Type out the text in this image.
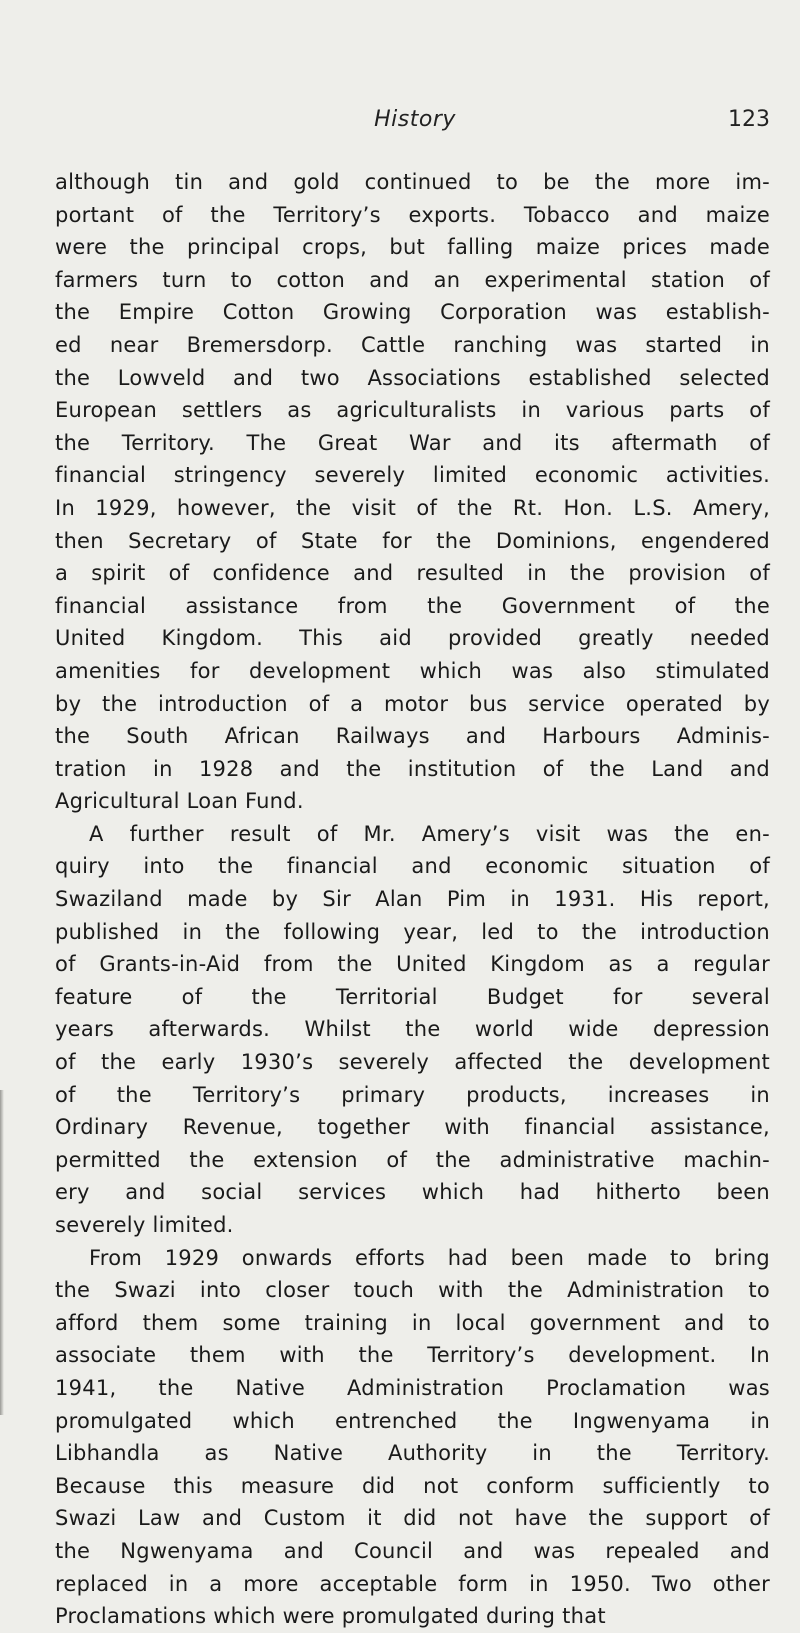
History	123
although tin and gold continued to be the more im-
portant of the Territory’s exports. Tobacco and maize
were the principal crops, but falling maize prices made
farmers turn to cotton and an experimental station of
the Empire Cotton Growing Corporation was establish-
ed near Bremersdorp. Cattle ranching was started in
the Lowveld and two Associations established selected
European settlers as agriculturalists in various parts of
the Territory. The Great War and its aftermath of
financial stringency severely limited economic activities.
In 1929, however, the visit of the Rt. Hon. L.S. Amery,
then Secretary of State for the Dominions, engendered
a spirit of confidence and resulted in the provision of
financial assistance from the Government of the
United Kingdom. This aid provided greatly needed
amenities for development which was also stimulated
by the introduction of a motor bus service operated by
the South African Railways and Harbours Adminis-
tration in 1928 and the institution of the Land and
Agricultural Loan Fund.
A further result of Mr. Amery’s visit was the en-
quiry into the financial and economic situation of
Swaziland made by Sir Alan Pim in 1931. His report,
published in the following year, led to the introduction
of Grants-in-Aid from the United Kingdom as a regular
feature of the Territorial Budget for several
years afterwards. Whilst the world wide depression
of the early 1930’s severely affected the development
of the Territory’s primary products, increases in
Ordinary Revenue, together with financial assistance,
permitted the extension of the administrative machin-
ery and social services which had hitherto been
severely limited.
From 1929 onwards efforts had been made to bring
the Swazi into closer touch with the Administration to
afford them some training in local government and to
associate them with the Territory’s development. In
1941, the Native Administration Proclamation was
promulgated which entrenched the Ingwenyama in
Libhandla as Native Authority in the Territory.
Because this measure did not conform sufficiently to
Swazi Law and Custom it did not have the support of
the Ngwenyama and Council and was repealed and
replaced in a more acceptable form in 1950. Two other
Proclamations which were promulgated during that
